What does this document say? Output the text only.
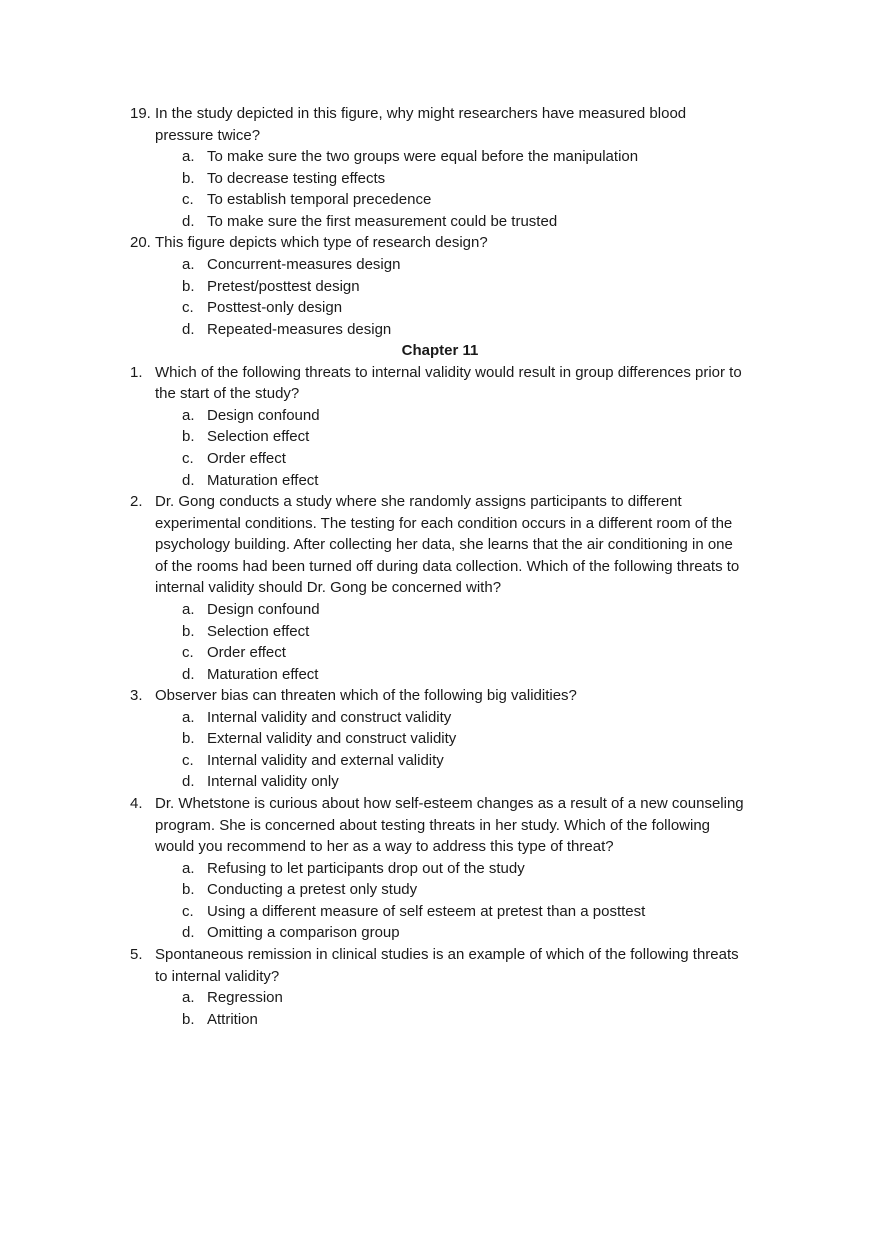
19. In the study depicted in this figure, why might researchers have measured blood
pressure twice?
a. To make sure the two groups were equal before the manipulation
b. To decrease testing effects
c. To establish temporal precedence
d. To make sure the first measurement could be trusted
20. This figure depicts which type of research design?
a. Concurrent-measures design
b. Pretest/posttest design
c. Posttest-only design
d. Repeated-measures design
Chapter 11
1. Which of the following threats to internal validity would result in group differences prior to
the start of the study?
a. Design confound
b. Selection effect
c. Order effect
d. Maturation effect
2. Dr. Gong conducts a study where she randomly assigns participants to different
experimental conditions. The testing for each condition occurs in a different room of the
psychology building. After collecting her data, she learns that the air conditioning in one
of the rooms had been turned off during data collection. Which of the following threats to
internal validity should Dr. Gong be concerned with?
a. Design confound
b. Selection effect
c. Order effect
d. Maturation effect
3. Observer bias can threaten which of the following big validities?
a. Internal validity and construct validity
b. External validity and construct validity
c. Internal validity and external validity
d. Internal validity only
4. Dr. Whetstone is curious about how self-esteem changes as a result of a new counseling
program. She is concerned about testing threats in her study. Which of the following
would you recommend to her as a way to address this type of threat?
a. Refusing to let participants drop out of the study
b. Conducting a pretest only study
c. Using a different measure of self esteem at pretest than a posttest
d. Omitting a comparison group
5. Spontaneous remission in clinical studies is an example of which of the following threats
to internal validity?
a. Regression
b. Attrition
